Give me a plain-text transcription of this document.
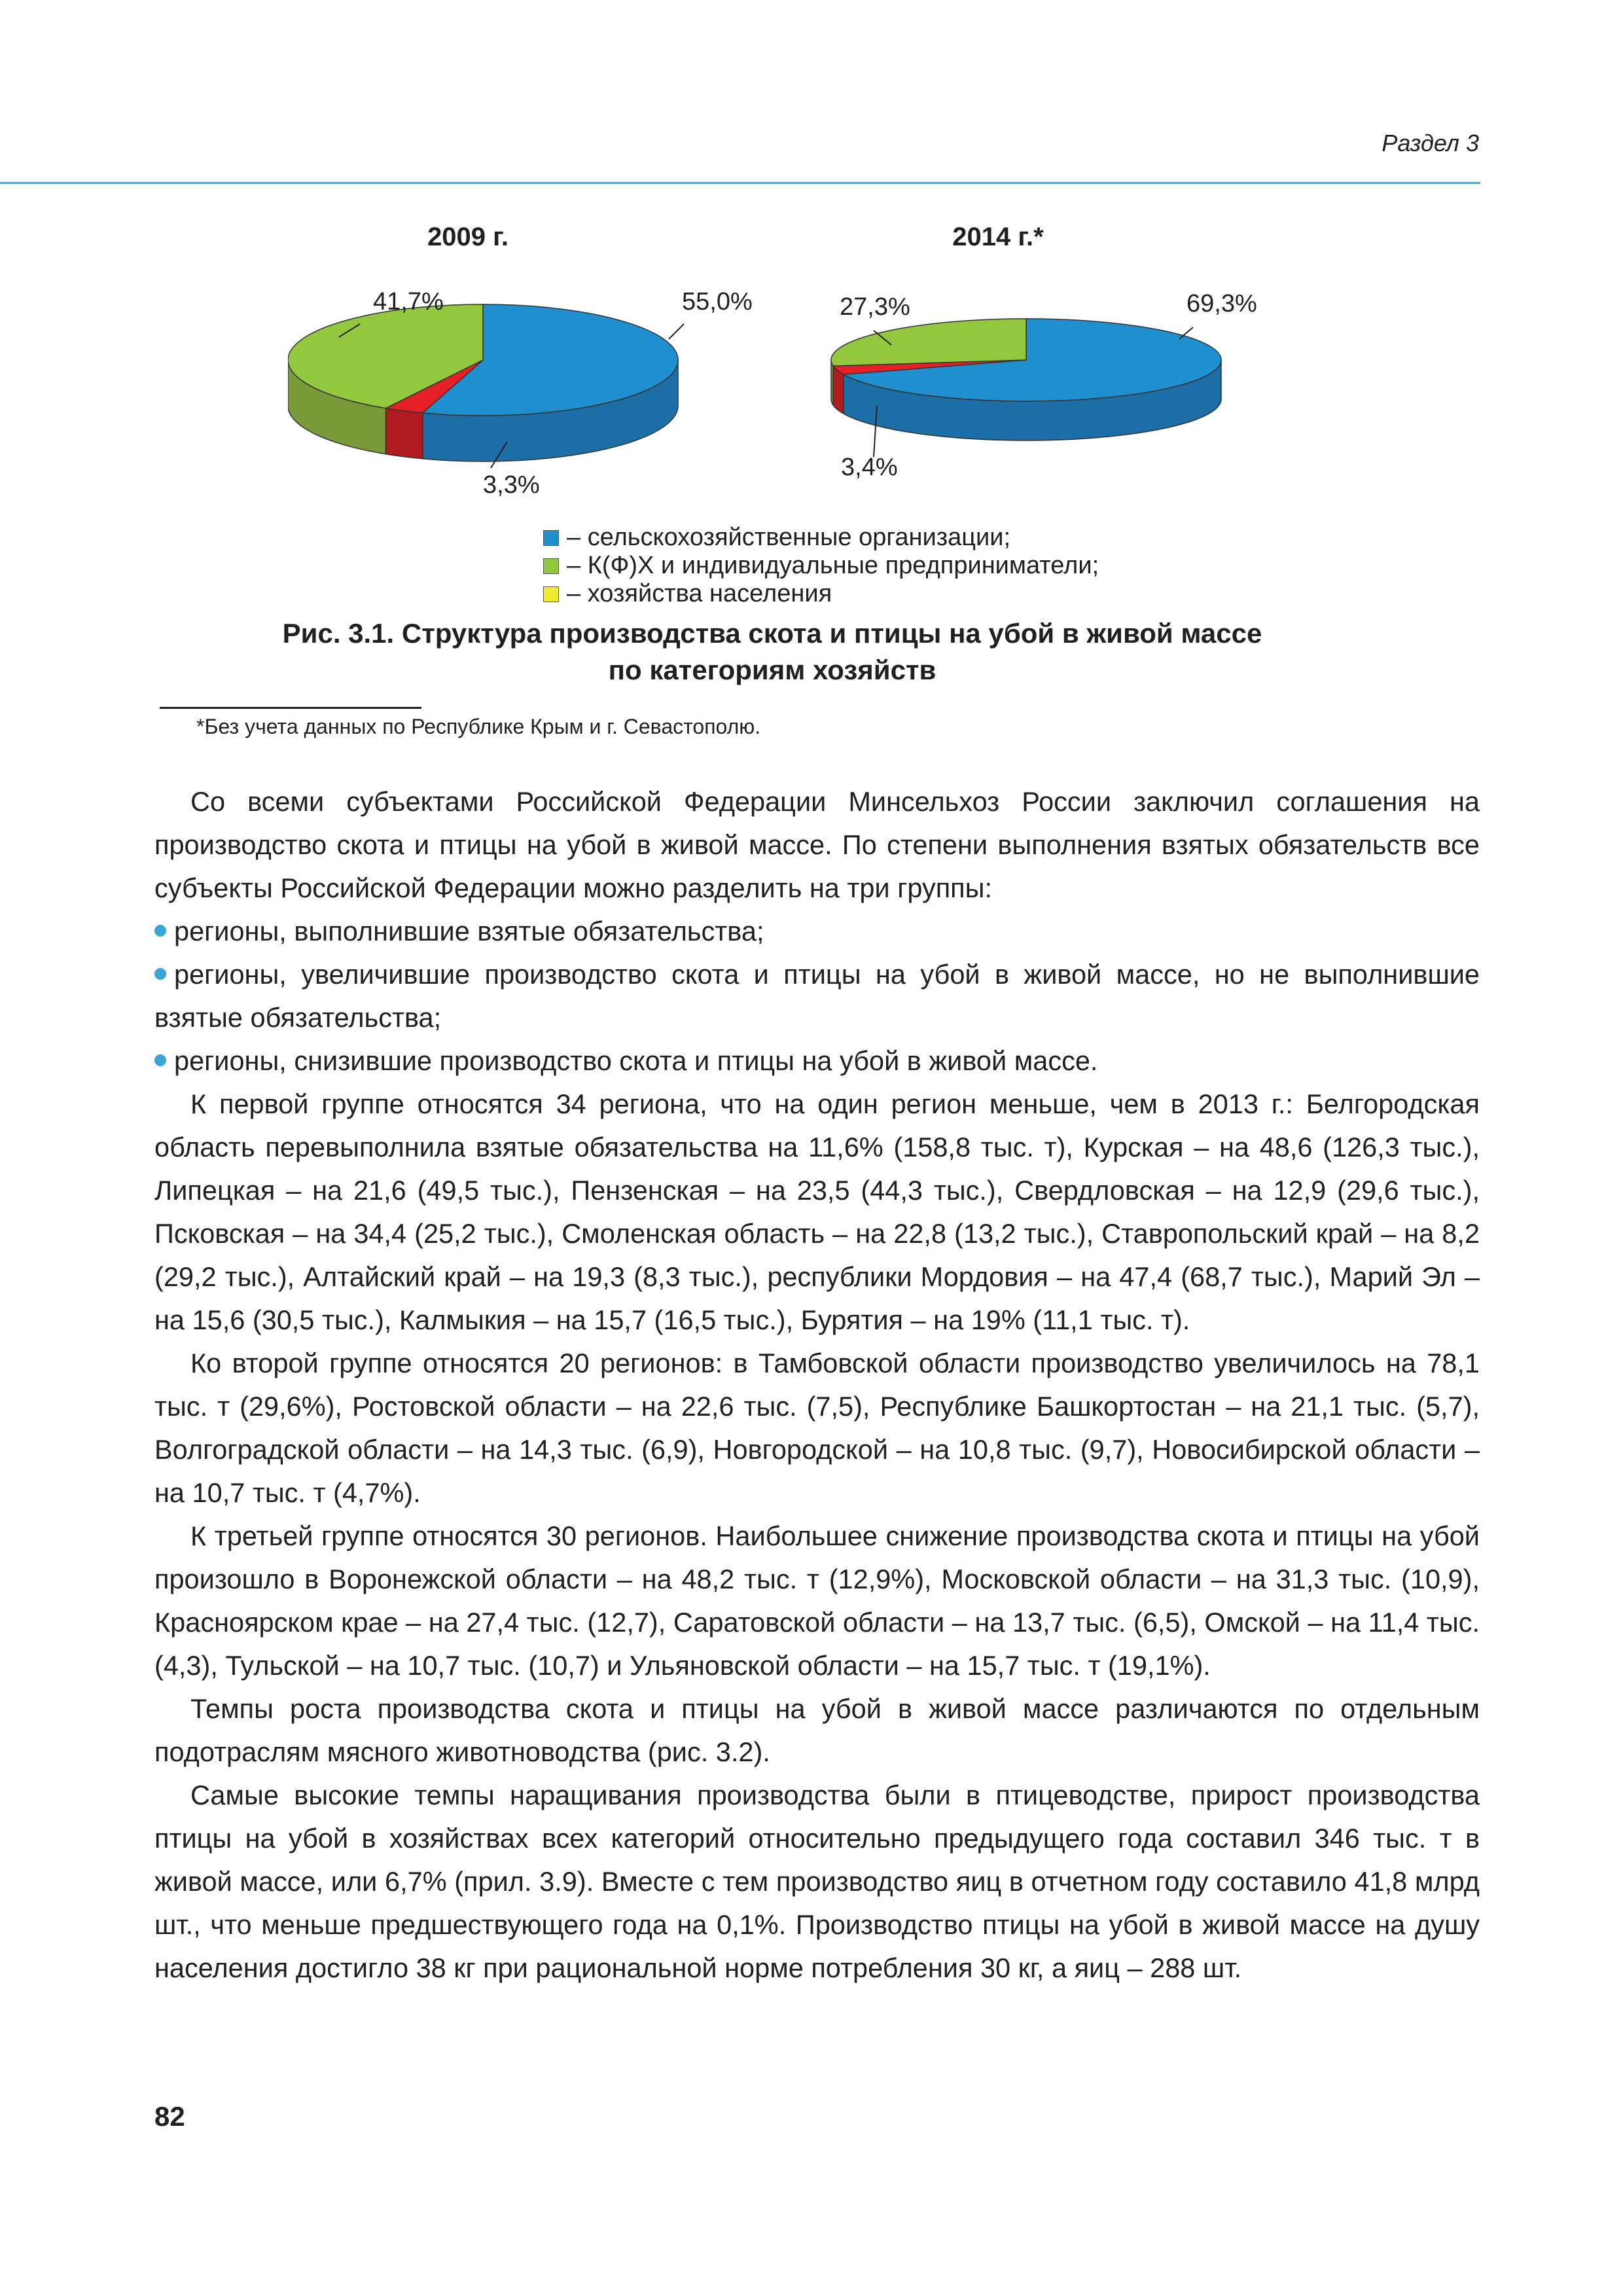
Раздел 3
2009 г.	2014 г.*
41,7%	55,0%
3,3%
27,3%	69,3%
3,4%
– сельскохозяйственные организации;
– К(Ф)Х и индивидуальные предприниматели;
– хозяйства населения
Рис. 3.1. Структура производства скота и птицы на убой в живой массе
по категориям хозяйств
*Без учета данных по Республике Крым и г. Севастополю.

Со всеми субъектами Российской Федерации Минсельхоз России заключил соглашения на производство скота и птицы на убой в живой массе. По степени выполнения взятых обязательств все субъекты Российской Федерации можно разделить на три группы:

регионы, выполнившие взятые обязательства;

регионы, увеличившие производство скота и птицы на убой в живой массе, но не выполнившие взятые обязательства;

регионы, снизившие производство скота и птицы на убой в живой массе.

К первой группе относятся 34 региона, что на один регион меньше, чем в 2013 г.: Белгородская область перевыполнила взятые обязательства на 11,6% (158,8 тыс. т), Курская – на 48,6 (126,3 тыс.), Липецкая – на 21,6 (49,5 тыс.), Пензенская – на 23,5 (44,3 тыс.), Свердловская – на 12,9 (29,6 тыс.), Псковская – на 34,4 (25,2 тыс.), Смоленская область – на 22,8 (13,2 тыс.), Ставропольский край – на 8,2 (29,2 тыс.), Алтайский край – на 19,3 (8,3 тыс.), республики Мордовия – на 47,4 (68,7 тыс.), Марий Эл – на 15,6 (30,5 тыс.), Калмыкия – на 15,7 (16,5 тыс.), Бурятия – на 19% (11,1 тыс. т).

Ко второй группе относятся 20 регионов: в Тамбовской области производство увеличилось на 78,1 тыс. т (29,6%), Ростовской области – на 22,6 тыс. (7,5), Республике Башкортостан – на 21,1 тыс. (5,7), Волгоградской области – на 14,3 тыс. (6,9), Новгородской – на 10,8 тыс. (9,7), Новосибирской области – на 10,7 тыс. т (4,7%).

К третьей группе относятся 30 регионов. Наибольшее снижение производства скота и птицы на убой произошло в Воронежской области – на 48,2 тыс. т (12,9%), Московской области – на 31,3 тыс. (10,9), Красноярском крае – на 27,4 тыс. (12,7), Саратовской области – на 13,7 тыс. (6,5), Омской – на 11,4 тыс. (4,3), Тульской – на 10,7 тыс. (10,7) и Ульяновской области – на 15,7 тыс. т (19,1%).

Темпы роста производства скота и птицы на убой в живой массе различаются по отдельным подотраслям мясного животноводства (рис. 3.2).

Самые высокие темпы наращивания производства были в птицеводстве, прирост производства птицы на убой в хозяйствах всех категорий относительно предыдущего года составил 346 тыс. т в живой массе, или 6,7% (прил. 3.9). Вместе с тем производство яиц в отчетном году составило 41,8 млрд шт., что меньше предшествующего года на 0,1%. Производство птицы на убой в живой массе на душу населения достигло 38 кг при рациональной норме потребления 30 кг, а яиц – 288 шт.

82
